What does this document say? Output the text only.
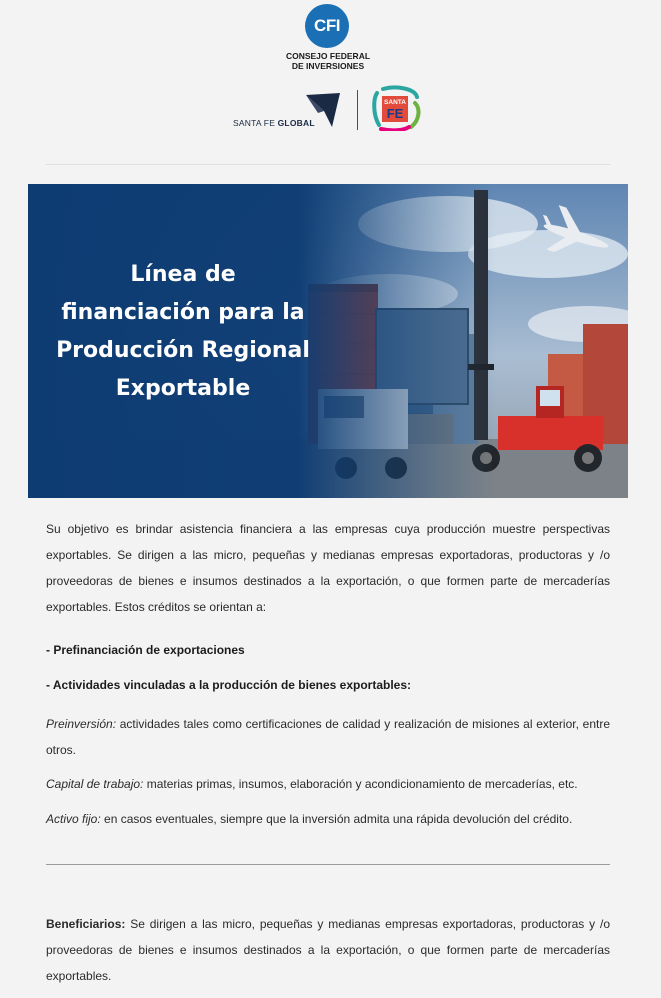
CFI
CONSEJO FEDERAL
DE INVERSIONES
SANTA FE GLOBAL
SANTA
FE
Línea de
financiación para la
Producción Regional
Exportable

Su objetivo es brindar asistencia financiera a las empresas cuya producción muestre perspectivas exportables. Se dirigen a las micro, pequeñas y medianas empresas exportadoras, productoras y /o proveedoras de bienes e insumos destinados a la exportación, o que formen parte de mercaderías exportables. Estos créditos se orientan a:

- Prefinanciación de exportaciones
- Actividades vinculadas a la producción de bienes exportables:
Preinversión: actividades tales como certificaciones de calidad y realización de misiones al exterior, entre otros.
Capital de trabajo: materias primas, insumos, elaboración y acondicionamiento de mercaderías, etc.
Activo fijo: en casos eventuales, siempre que la inversión admita una rápida devolución del crédito.
Beneficiarios: Se dirigen a las micro, pequeñas y medianas empresas exportadoras, productoras y /o proveedoras de bienes e insumos destinados a la exportación, o que formen parte de mercaderías exportables.
